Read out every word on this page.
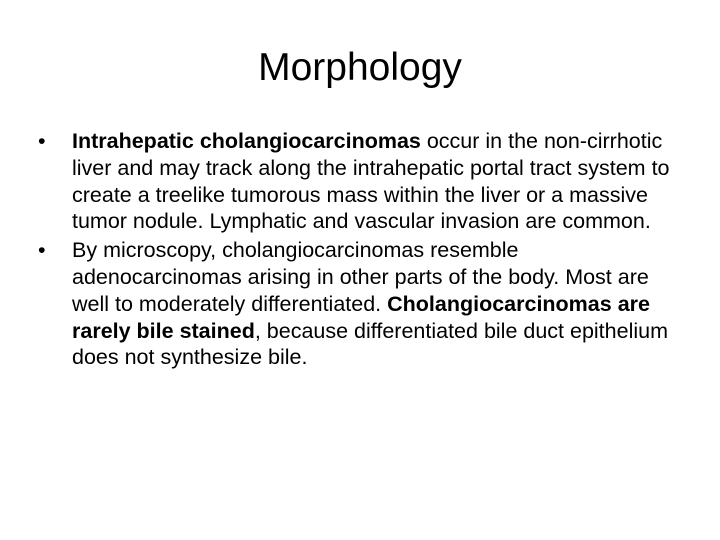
Morphology
•	Intrahepatic cholangiocarcinomas occur in the non-cirrhotic liver and may track along the intrahepatic portal tract system to create a treelike tumorous mass within the liver or a massive tumor nodule. Lymphatic and vascular invasion are common.
•	By microscopy, cholangiocarcinomas resemble adenocarcinomas arising in other parts of the body. Most are well to moderately differentiated. Cholangiocarcinomas are rarely bile stained, because differentiated bile duct epithelium does not synthesize bile.
